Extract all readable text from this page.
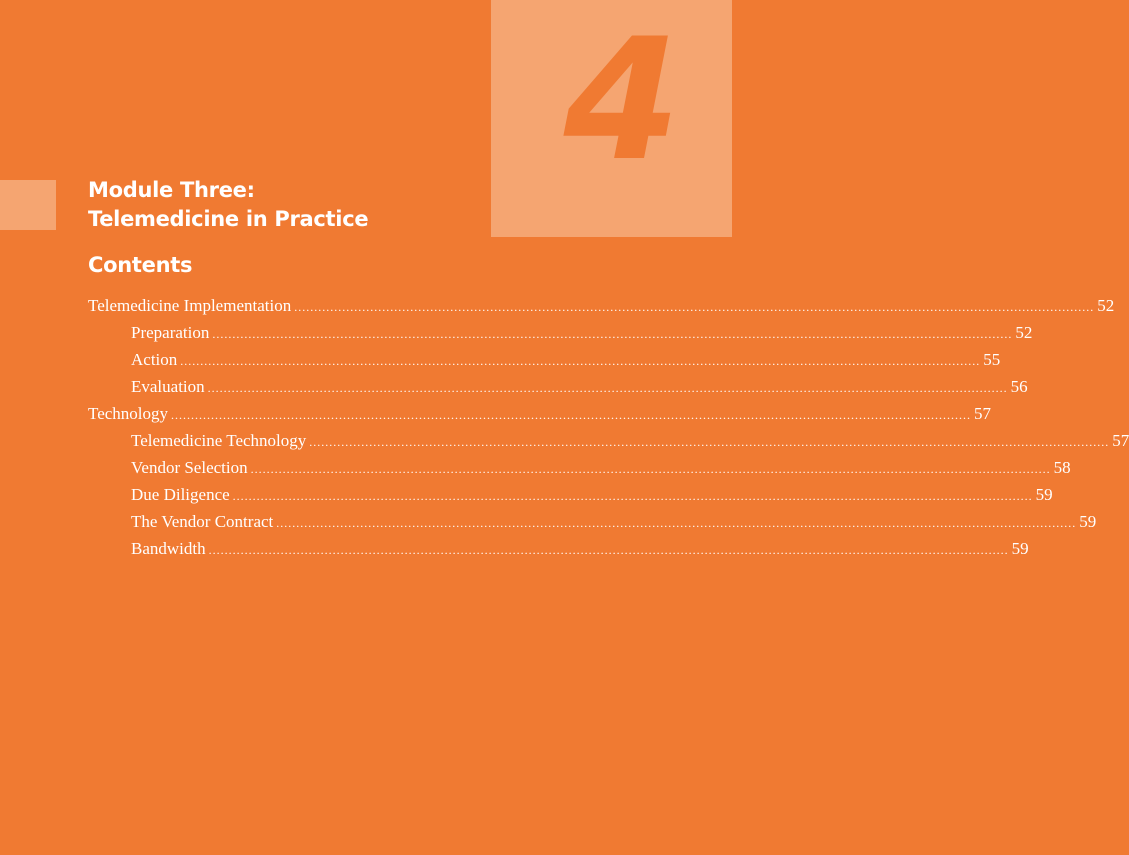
4
Module Three:
Telemedicine in Practice
Contents
Telemedicine Implementation ........................................................................................................................................................................................................ 52
Preparation ........................................................................................................................................................................................................ 52
Action ........................................................................................................................................................................................................ 55
Evaluation ........................................................................................................................................................................................................ 56
Technology ........................................................................................................................................................................................................ 57
Telemedicine Technology ........................................................................................................................................................................................................ 57
Vendor Selection ........................................................................................................................................................................................................ 58
Due Diligence ........................................................................................................................................................................................................ 59
The Vendor Contract ........................................................................................................................................................................................................ 59
Bandwidth ........................................................................................................................................................................................................ 59
